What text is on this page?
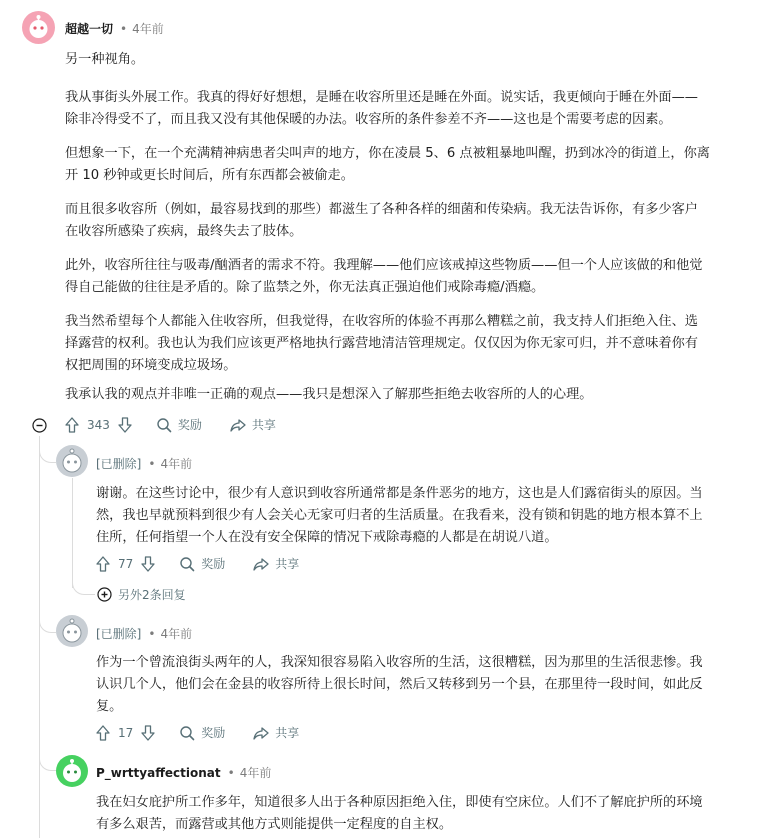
超越一切 • 4年前

另一种视角。

我从事街头外展工作。我真的得好好想想，是睡在收容所里还是睡在外面。说实话，我更倾向于睡在外面——
除非冷得受不了，而且我又没有其他保暖的办法。收容所的条件参差不齐——这也是个需要考虑的因素。

但想象一下，在一个充满精神病患者尖叫声的地方，你在凌晨 5、6 点被粗暴地叫醒，扔到冰冷的街道上，你离
开 10 秒钟或更长时间后，所有东西都会被偷走。

而且很多收容所（例如，最容易找到的那些）都滋生了各种各样的细菌和传染病。我无法告诉你，有多少客户
在收容所感染了疾病，最终失去了肢体。

此外，收容所往往与吸毒/酗酒者的需求不符。我理解——他们应该戒掉这些物质——但一个人应该做的和他觉
得自己能做的往往是矛盾的。除了监禁之外，你无法真正强迫他们戒除毒瘾/酒瘾。

我当然希望每个人都能入住收容所，但我觉得，在收容所的体验不再那么糟糕之前，我支持人们拒绝入住、选
择露营的权利。我也认为我们应该更严格地执行露营地清洁管理规定。仅仅因为你无家可归，并不意味着你有
权把周围的环境变成垃圾场。

我承认我的观点并非唯一正确的观点——我只是想深入了解那些拒绝去收容所的人的心理。

343	奖励	共享
[已删除] • 4年前

谢谢。在这些讨论中，很少有人意识到收容所通常都是条件恶劣的地方，这也是人们露宿街头的原因。当
然，我也早就预料到很少有人会关心无家可归者的生活质量。在我看来，没有锁和钥匙的地方根本算不上
住所，任何指望一个人在没有安全保障的情况下戒除毒瘾的人都是在胡说八道。

77	奖励	共享
另外2条回复
[已删除] • 4年前

作为一个曾流浪街头两年的人，我深知很容易陷入收容所的生活，这很糟糕，因为那里的生活很悲惨。我
认识几个人，他们会在金县的收容所待上很长时间，然后又转移到另一个县，在那里待一段时间，如此反
复。

17	奖励	共享
P_wrttyaffectionat • 4年前

我在妇女庇护所工作多年，知道很多人出于各种原因拒绝入住，即使有空床位。人们不了解庇护所的环境
有多么艰苦，而露营或其他方式则能提供一定程度的自主权。
